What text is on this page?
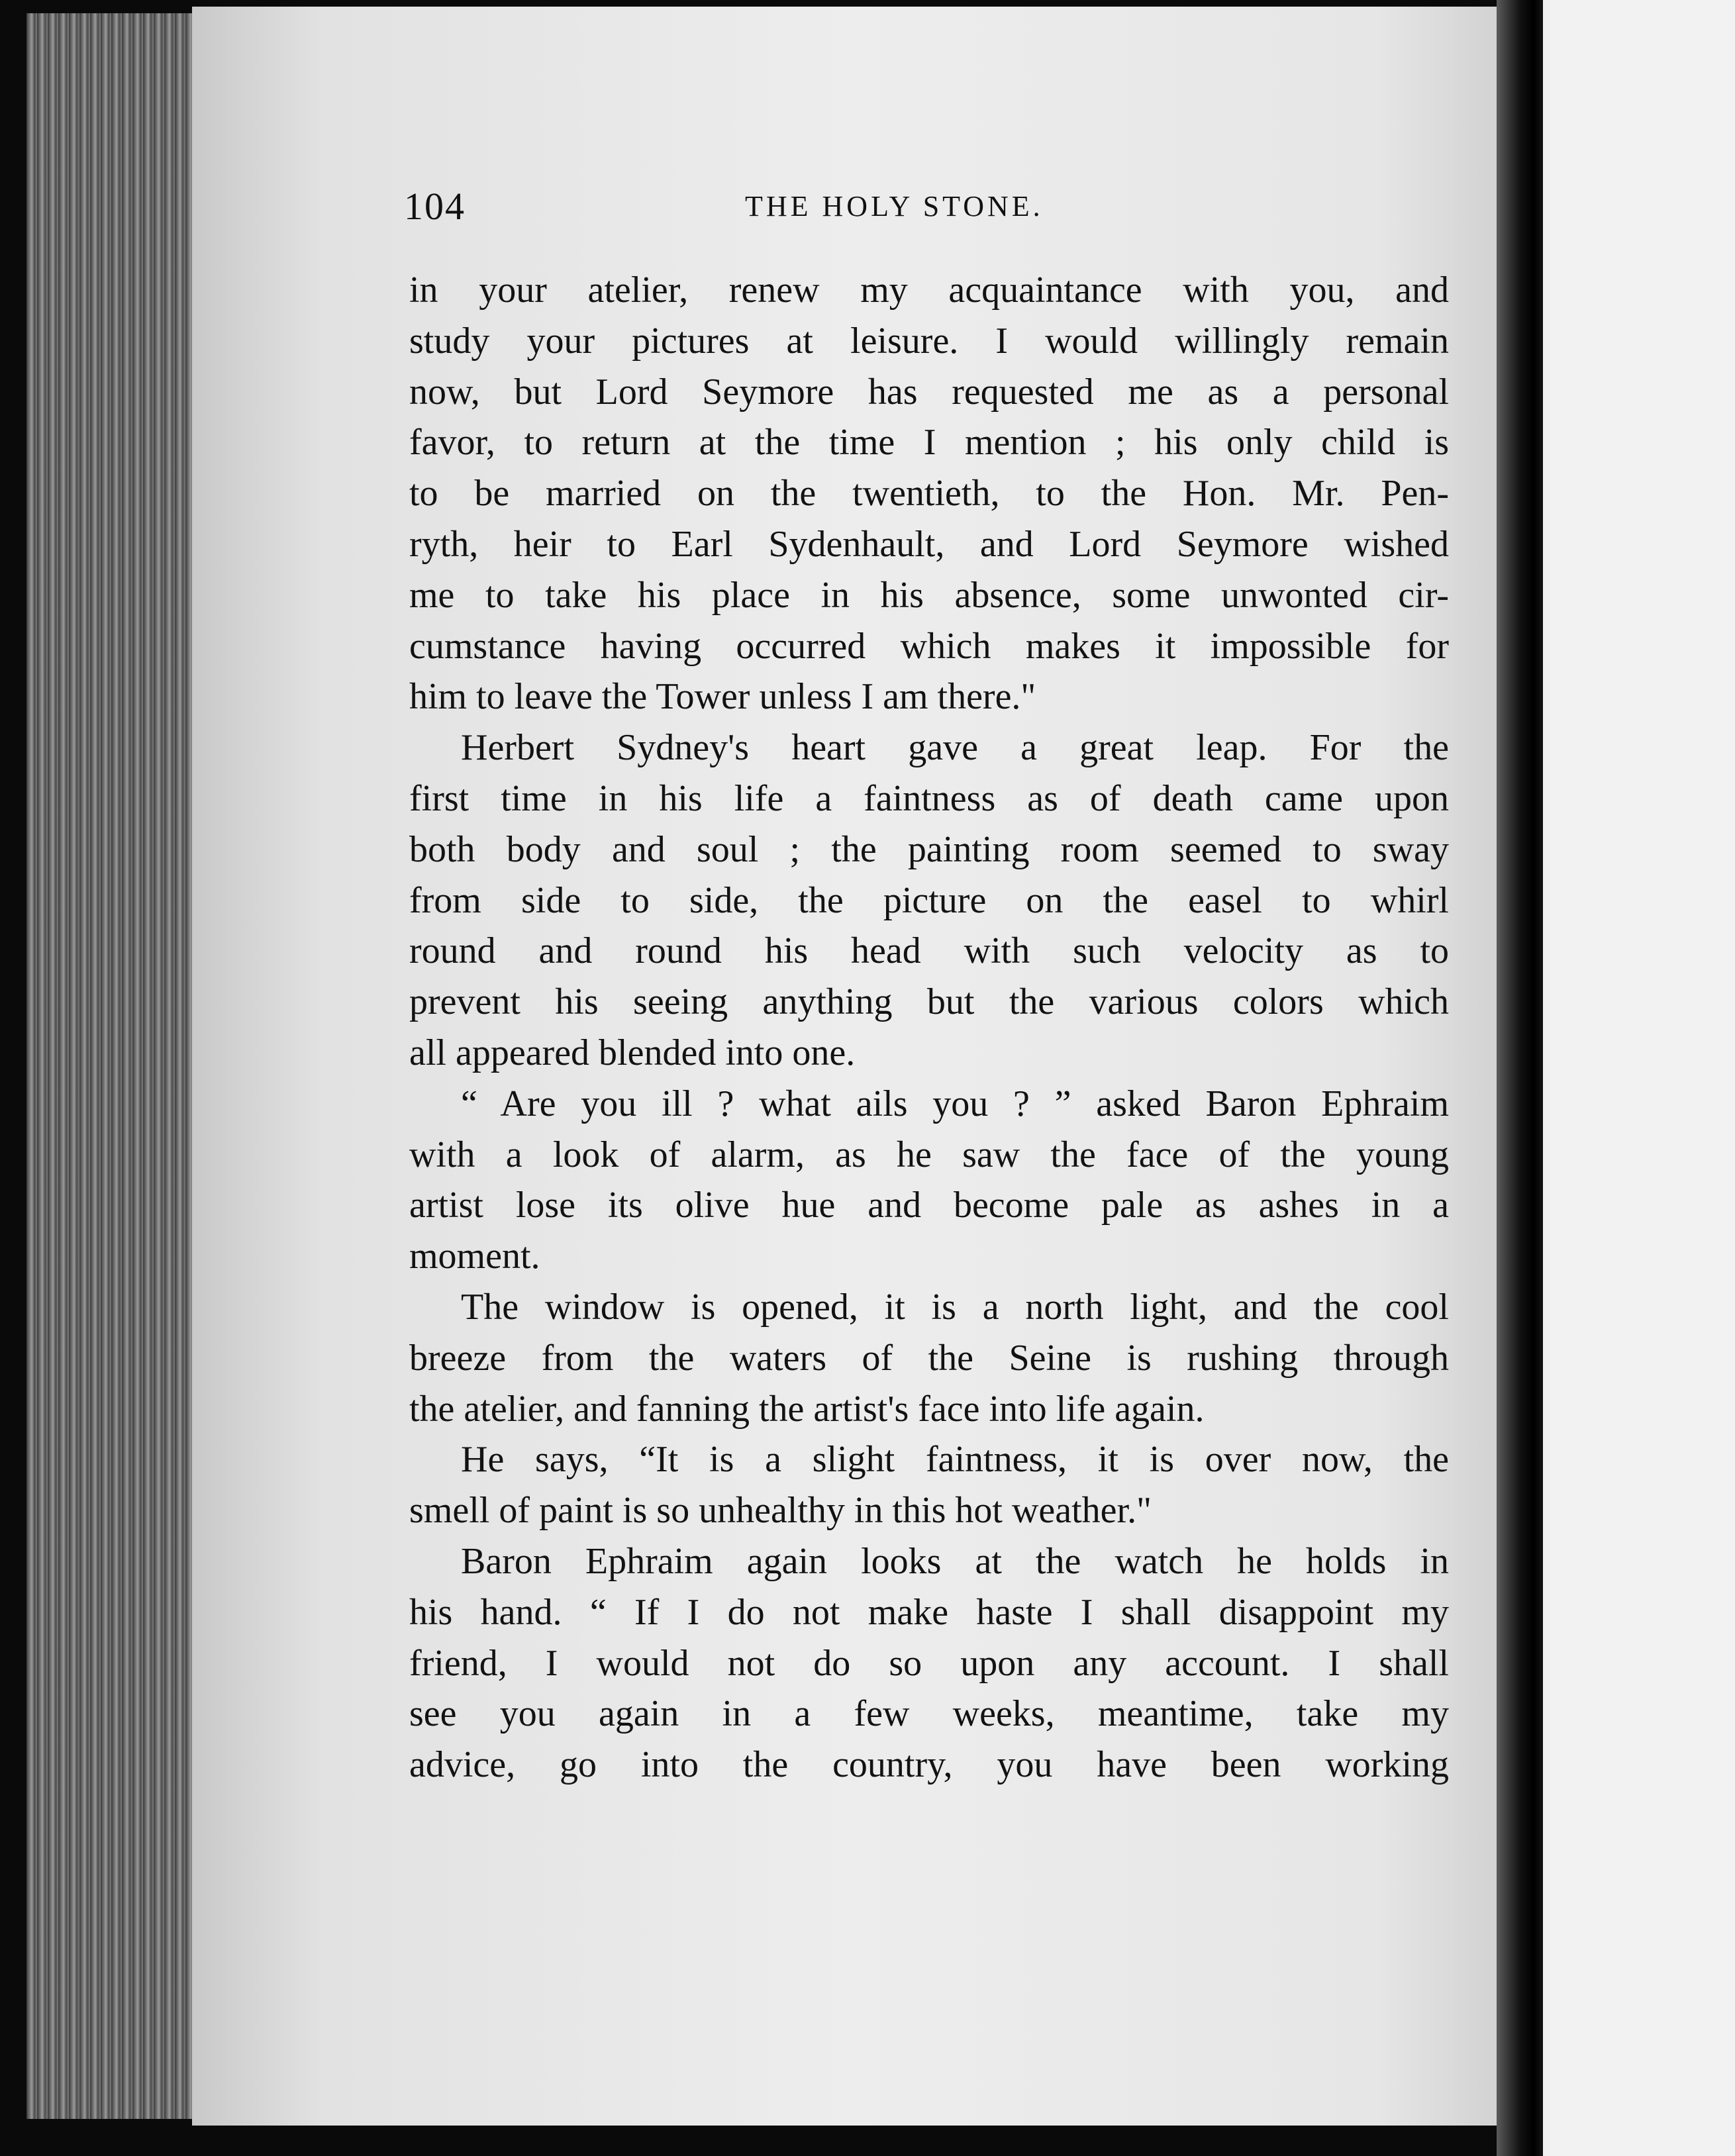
104	THE HOLY STONE.
in your atelier, renew my acquaintance with you, and
study your pictures at leisure. I would willingly remain
now, but Lord Seymore has requested me as a personal
favor, to return at the time I mention ; his only child is
to be married on the twentieth, to the Hon. Mr. Pen-
ryth, heir to Earl Sydenhault, and Lord Seymore wished
me to take his place in his absence, some unwonted cir-
cumstance having occurred which makes it impossible for
him to leave the Tower unless I am there."
Herbert Sydney's heart gave a great leap. For the
first time in his life a faintness as of death came upon
both body and soul ; the painting room seemed to sway
from side to side, the picture on the easel to whirl
round and round his head with such velocity as to
prevent his seeing anything but the various colors which
all appeared blended into one.
“ Are you ill ? what ails you ? ” asked Baron Ephraim
with a look of alarm, as he saw the face of the young
artist lose its olive hue and become pale as ashes in a
moment.
The window is opened, it is a north light, and the cool
breeze from the waters of the Seine is rushing through
the atelier, and fanning the artist's face into life again.
He says, “It is a slight faintness, it is over now, the
smell of paint is so unhealthy in this hot weather."
Baron Ephraim again looks at the watch he holds in
his hand. “ If I do not make haste I shall disappoint my
friend, I would not do so upon any account. I shall
see you again in a few weeks, meantime, take my
advice, go into the country, you have been working
